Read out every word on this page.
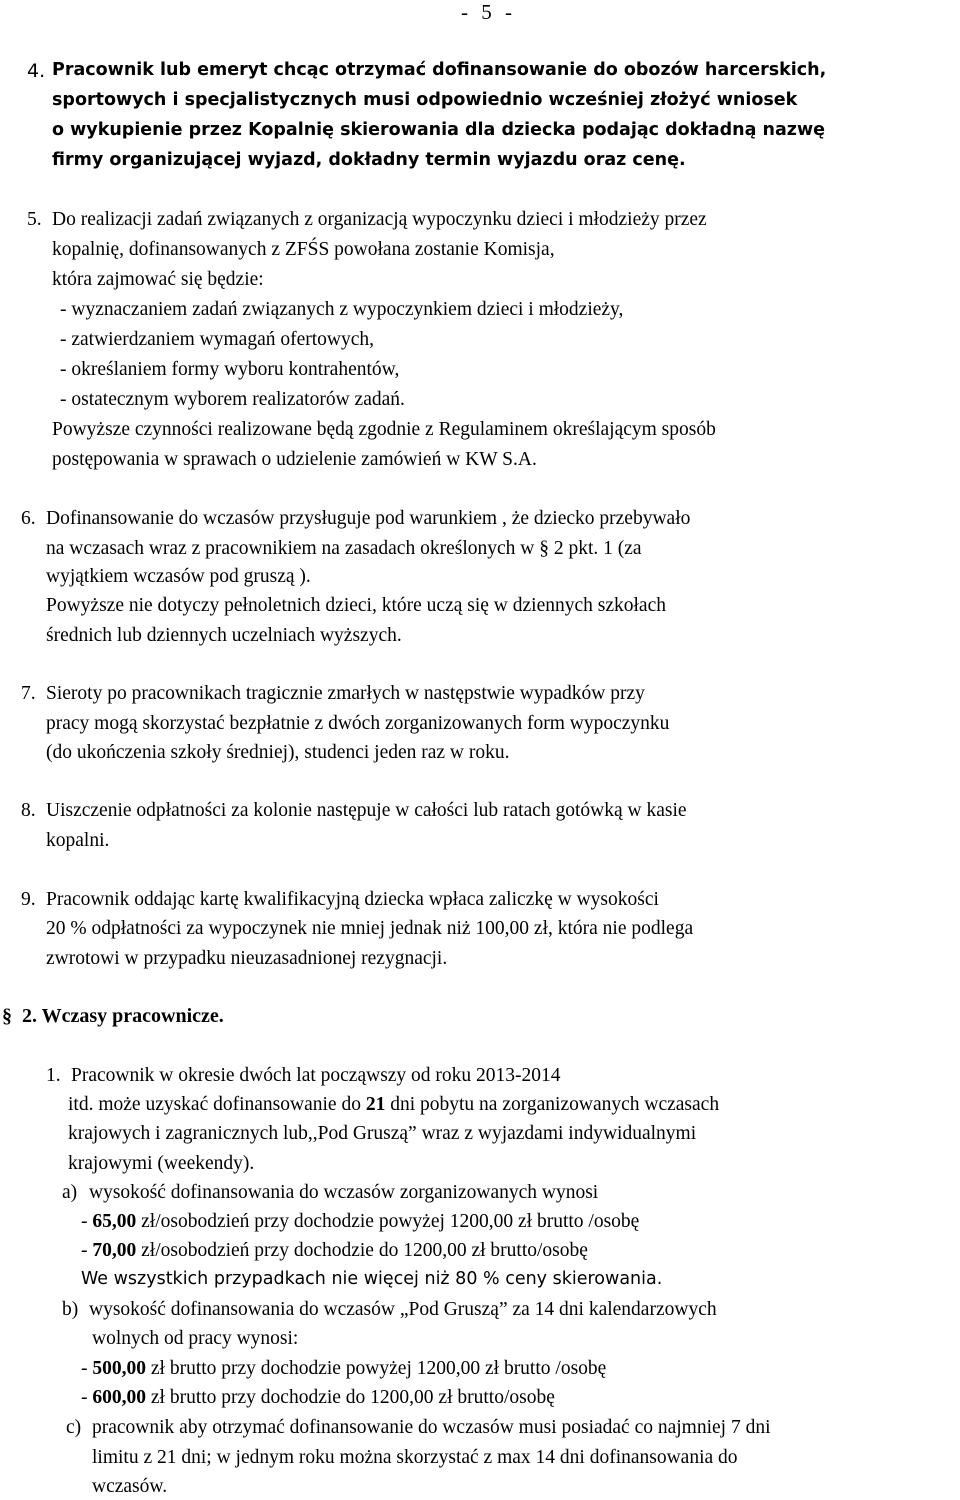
- 5 -
4. Pracownik lub emeryt chcąc otrzymać dofinansowanie do obozów harcerskich,
sportowych i specjalistycznych musi odpowiednio wcześniej złożyć wniosek
o wykupienie przez Kopalnię skierowania dla dziecka podając dokładną nazwę
firmy organizującej wyjazd, dokładny termin wyjazdu oraz cenę.
5. Do realizacji zadań związanych z organizacją wypoczynku dzieci i młodzieży przez
kopalnię, dofinansowanych z ZFŚS powołana zostanie Komisja,
która zajmować się będzie:
- wyznaczaniem zadań związanych z wypoczynkiem dzieci i młodzieży,
- zatwierdzaniem wymagań ofertowych,
- określaniem formy wyboru kontrahentów,
- ostatecznym wyborem realizatorów zadań.
Powyższe czynności realizowane będą zgodnie z Regulaminem określającym sposób
postępowania w sprawach o udzielenie zamówień w KW S.A.
6. Dofinansowanie do wczasów przysługuje pod warunkiem , że dziecko przebywało
na wczasach wraz z pracownikiem na zasadach określonych w § 2 pkt. 1 (za
wyjątkiem wczasów pod gruszą ).
Powyższe nie dotyczy pełnoletnich dzieci, które uczą się w dziennych szkołach
średnich lub dziennych uczelniach wyższych.
7. Sieroty po pracownikach tragicznie zmarłych w następstwie wypadków przy
pracy mogą skorzystać bezpłatnie z dwóch zorganizowanych form wypoczynku
(do ukończenia szkoły średniej), studenci jeden raz w roku.
8. Uiszczenie odpłatności za kolonie następuje w całości lub ratach gotówką w kasie
kopalni.
9. Pracownik oddając kartę kwalifikacyjną dziecka wpłaca zaliczkę w wysokości
20 % odpłatności za wypoczynek nie mniej jednak niż 100,00 zł, która nie podlega
zwrotowi w przypadku nieuzasadnionej rezygnacji.
§ 2. Wczasy pracownicze.
1. Pracownik w okresie dwóch lat począwszy od roku 2013-2014
itd. może uzyskać dofinansowanie do 21 dni pobytu na zorganizowanych wczasach
krajowych i zagranicznych lub,,Pod Gruszą” wraz z wyjazdami indywidualnymi
krajowymi (weekendy).
a) wysokość dofinansowania do wczasów zorganizowanych wynosi
- 65,00 zł/osobodzień przy dochodzie powyżej 1200,00 zł brutto /osobę
- 70,00 zł/osobodzień przy dochodzie do 1200,00 zł brutto/osobę
We wszystkich przypadkach nie więcej niż 80 % ceny skierowania.
b) wysokość dofinansowania do wczasów „Pod Gruszą” za 14 dni kalendarzowych
wolnych od pracy wynosi:
- 500,00 zł brutto przy dochodzie powyżej 1200,00 zł brutto /osobę
- 600,00 zł brutto przy dochodzie do 1200,00 zł brutto/osobę
c) pracownik aby otrzymać dofinansowanie do wczasów musi posiadać co najmniej 7 dni
limitu z 21 dni; w jednym roku można skorzystać z max 14 dni dofinansowania do
wczasów.
